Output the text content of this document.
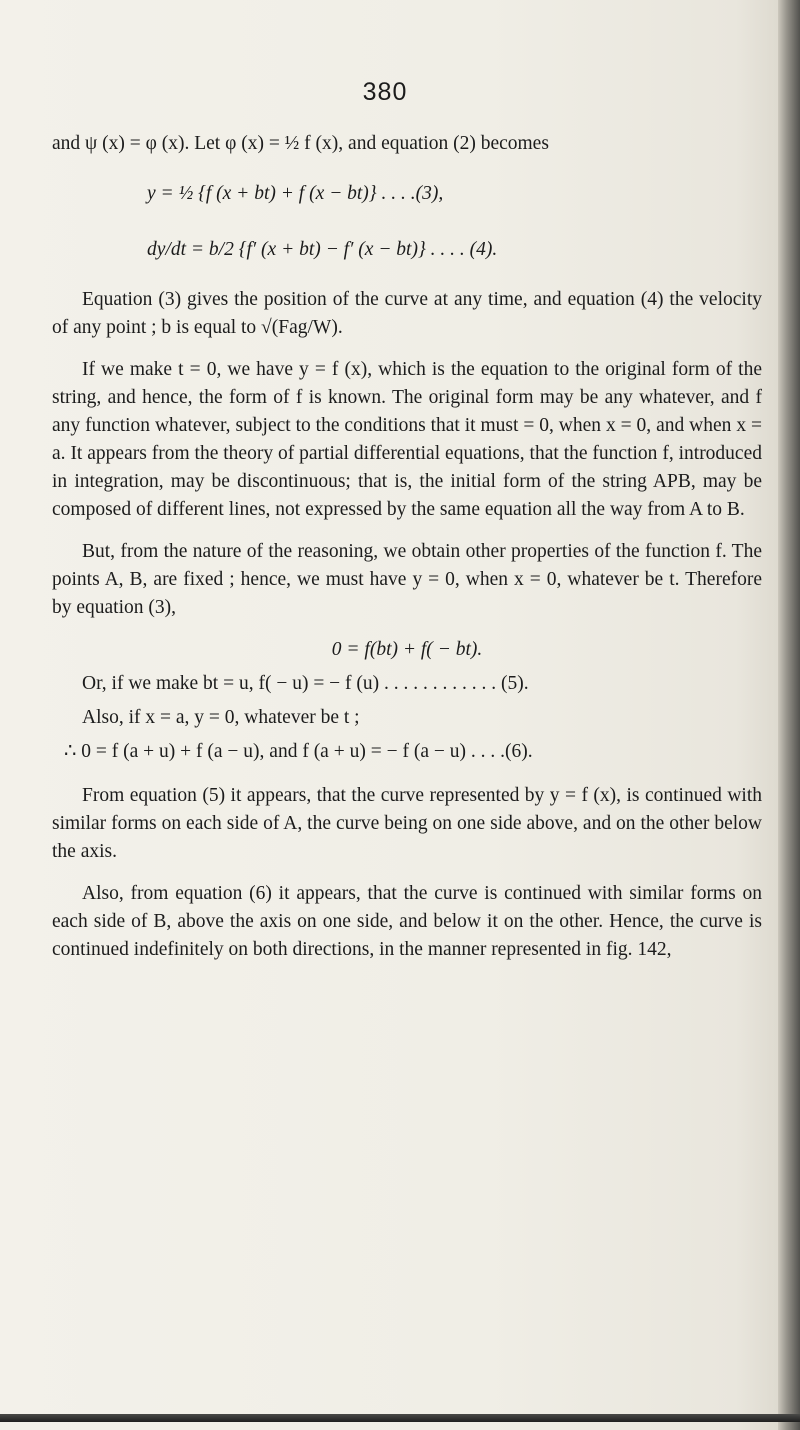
380
and ψ (x) = φ (x). Let φ (x) = ½ f (x), and equation (2) becomes
y = ½ {f (x + bt) + f (x − bt)} . . . .(3),
dy/dt = b/2 {f′ (x + bt) − f′ (x − bt)} . . . . (4).

Equation (3) gives the position of the curve at any time, and equation (4) the velocity of any point ; b is equal to √(Fag/W).

If we make t = 0, we have y = f (x), which is the equation to the original form of the string, and hence, the form of f is known. The original form may be any whatever, and f any function whatever, subject to the conditions that it must = 0, when x = 0, and when x = a. It appears from the theory of partial differential equations, that the function f, introduced in integration, may be discontinuous; that is, the initial form of the string APB, may be composed of different lines, not expressed by the same equation all the way from A to B.

But, from the nature of the reasoning, we obtain other properties of the function f. The points A, B, are fixed ; hence, we must have y = 0, when x = 0, whatever be t. Therefore by equation (3),

0 = f(bt) + f( − bt).
Or, if we make bt = u, f( − u) = − f (u) . . . . . . . . . . . . (5).
Also, if x = a, y = 0, whatever be t ;
∴ 0 = f (a + u) + f (a − u), and f (a + u) = − f (a − u) . . . .(6).

From equation (5) it appears, that the curve represented by y = f (x), is continued with similar forms on each side of A, the curve being on one side above, and on the other below the axis.

Also, from equation (6) it appears, that the curve is continued with similar forms on each side of B, above the axis on one side, and below it on the other. Hence, the curve is continued indefinitely on both directions, in the manner represented in fig. 142,
